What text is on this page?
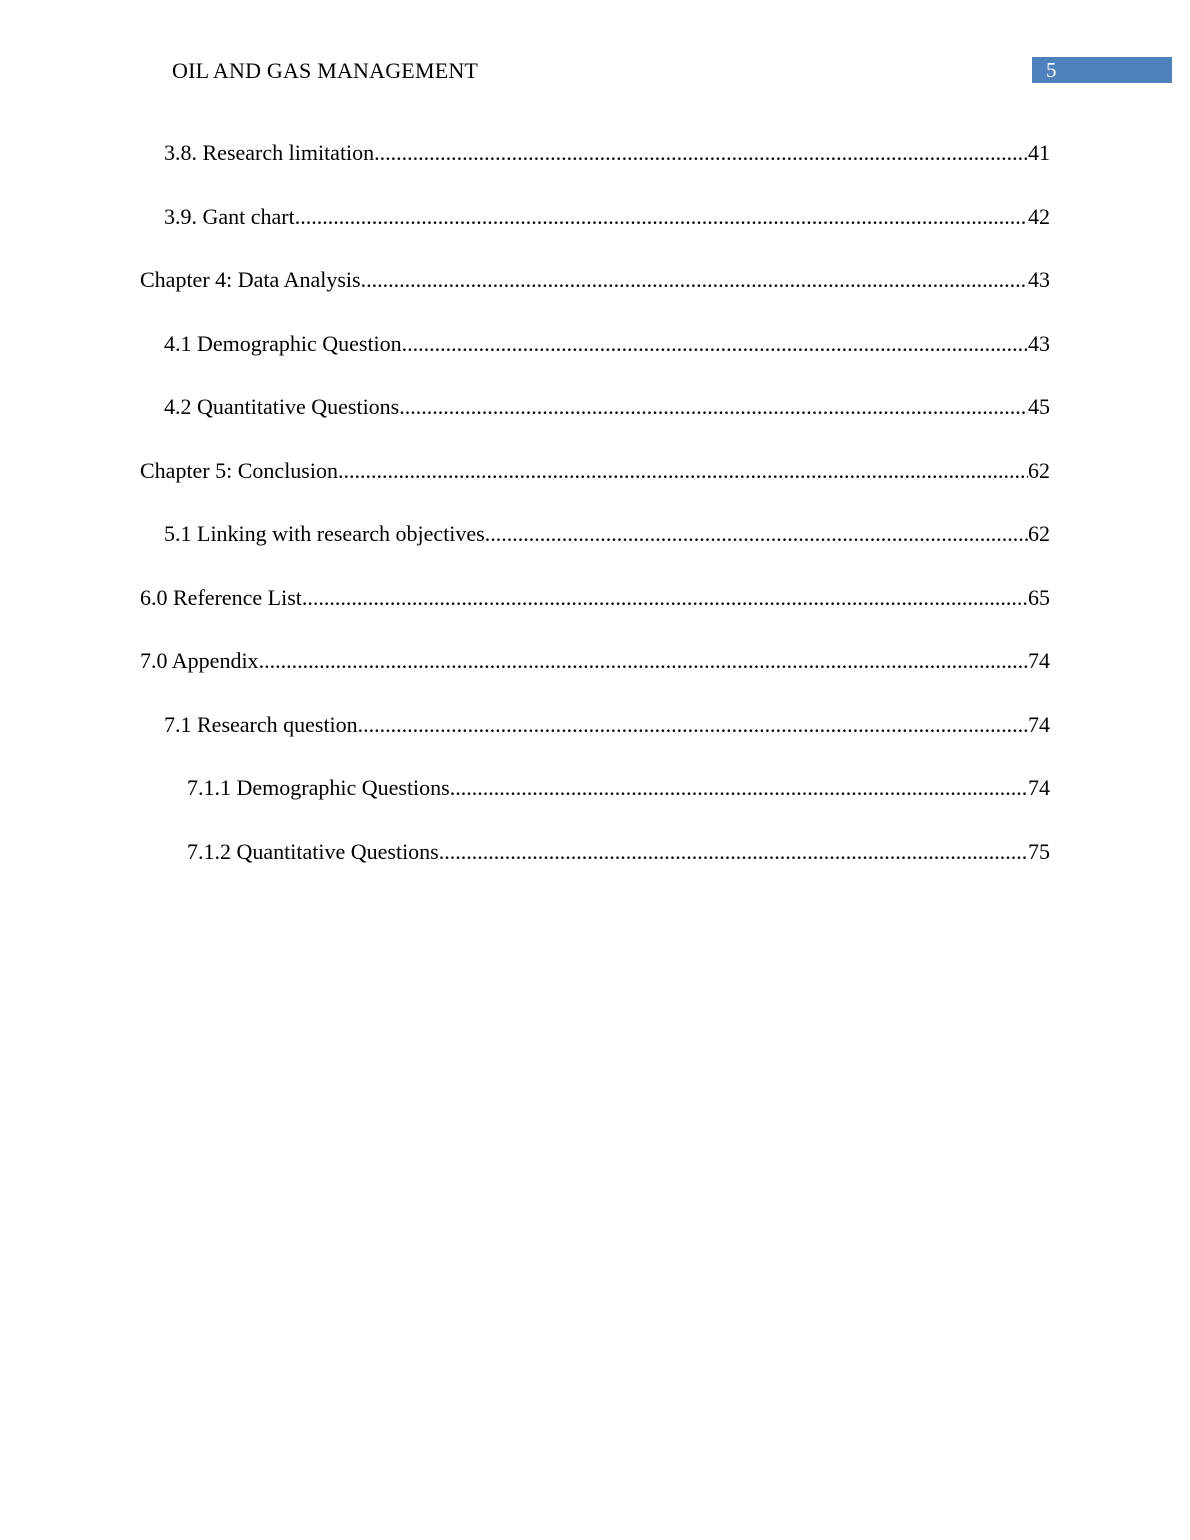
OIL AND GAS MANAGEMENT	5
3.8. Research limitation .....	41
3.9. Gant chart .....	42
Chapter 4: Data Analysis .....	43
4.1 Demographic Question .....	43
4.2 Quantitative Questions .....	45
Chapter 5: Conclusion .....	62
5.1 Linking with research objectives .....	62
6.0 Reference List .....	65
7.0 Appendix .....	74
7.1 Research question .....	74
7.1.1 Demographic Questions .....	74
7.1.2 Quantitative Questions .....	75
